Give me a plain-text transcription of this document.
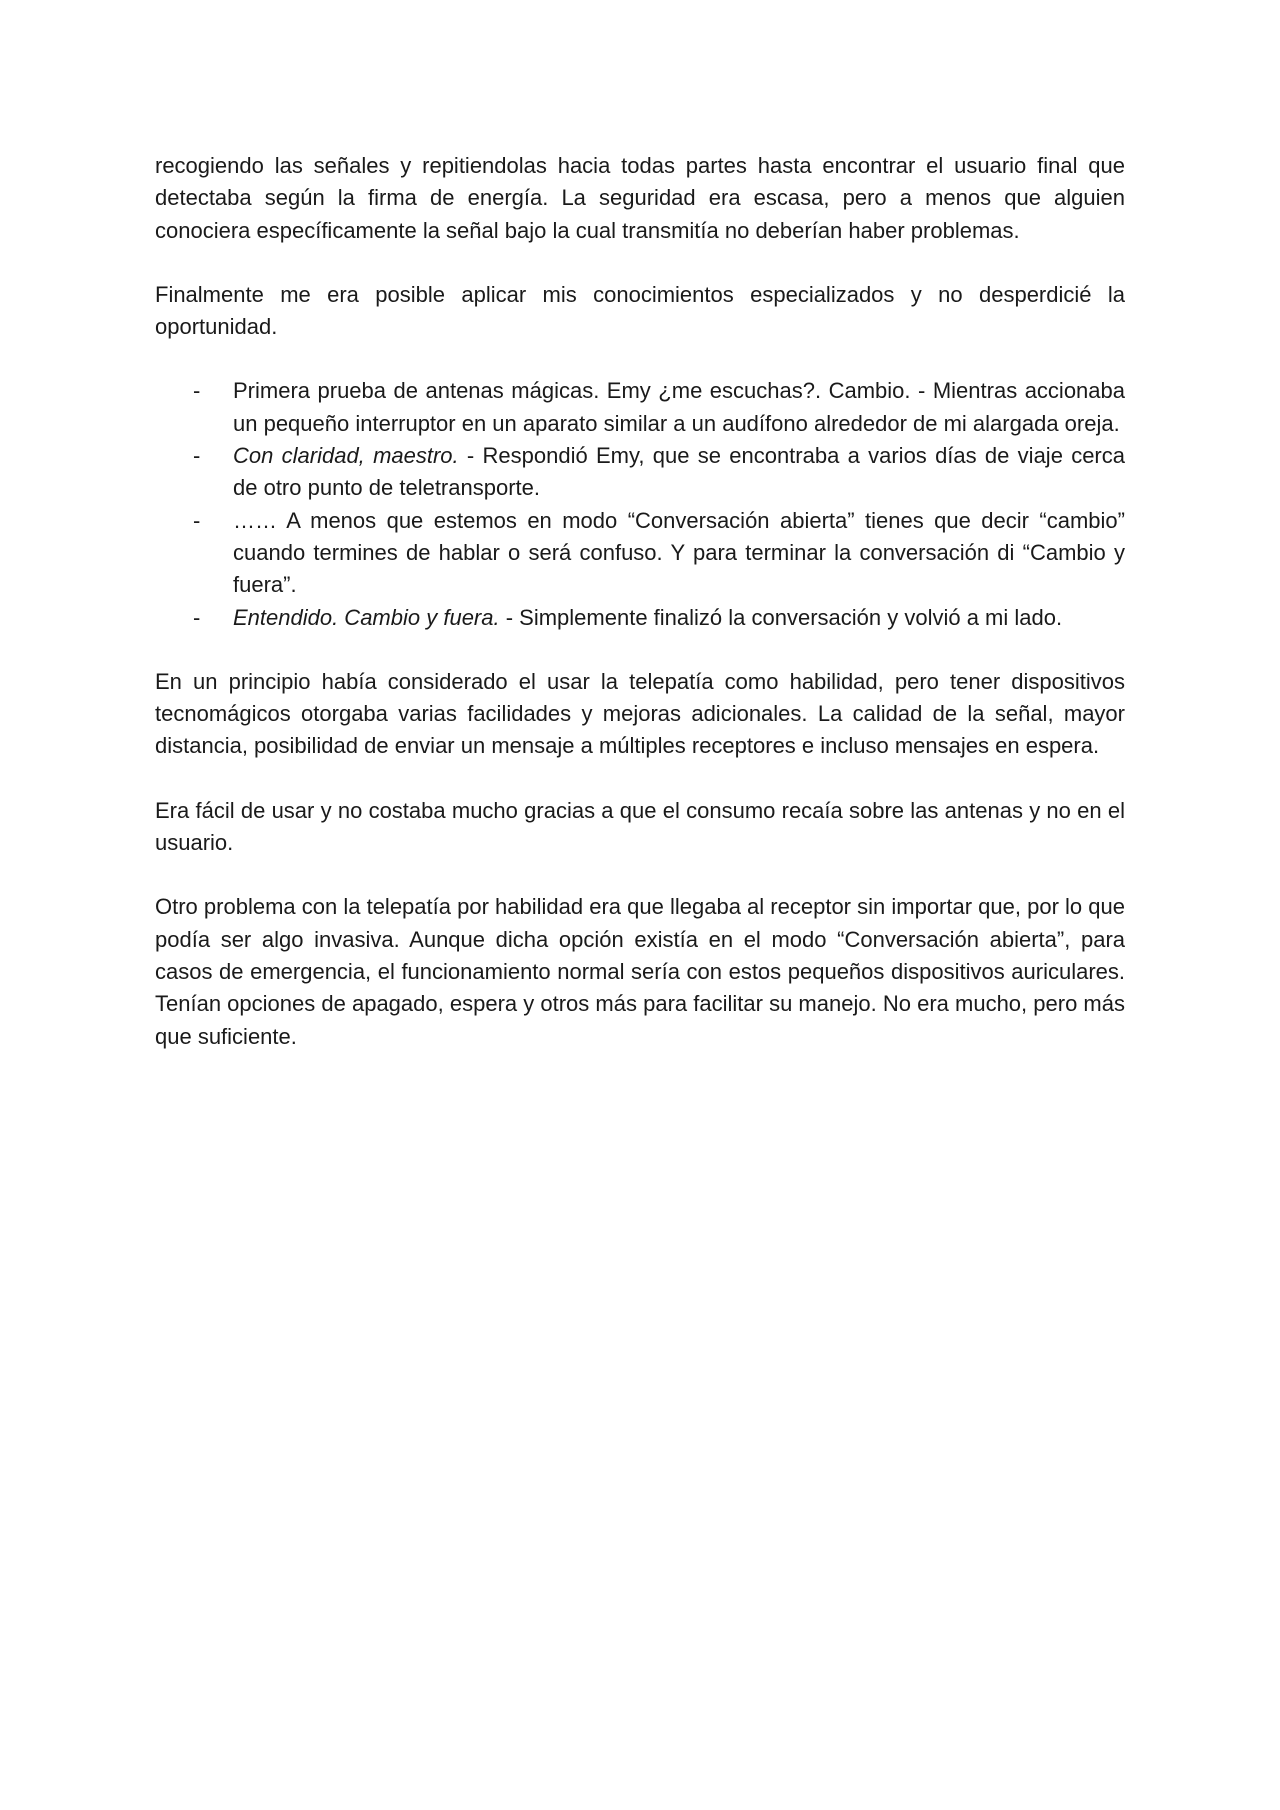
recogiendo las señales y repitiendolas hacia todas partes hasta encontrar el usuario final que detectaba según la firma de energía. La seguridad era escasa, pero a menos que alguien conociera específicamente la señal bajo la cual transmitía no deberían haber problemas.

Finalmente me era posible aplicar mis conocimientos especializados y no desperdicié la oportunidad.

- Primera prueba de antenas mágicas. Emy ¿me escuchas?. Cambio. - Mientras accionaba un pequeño interruptor en un aparato similar a un audífono alrededor de mi alargada oreja.
- Con claridad, maestro. - Respondió Emy, que se encontraba a varios días de viaje cerca de otro punto de teletransporte.
- …… A menos que estemos en modo “Conversación abierta” tienes que decir “cambio” cuando termines de hablar o será confuso. Y para terminar la conversación di “Cambio y fuera”.
- Entendido. Cambio y fuera. - Simplemente finalizó la conversación y volvió a mi lado.

En un principio había considerado el usar la telepatía como habilidad, pero tener dispositivos tecnomágicos otorgaba varias facilidades y mejoras adicionales. La calidad de la señal, mayor distancia, posibilidad de enviar un mensaje a múltiples receptores e incluso mensajes en espera.

Era fácil de usar y no costaba mucho gracias a que el consumo recaía sobre las antenas y no en el usuario.

Otro problema con la telepatía por habilidad era que llegaba al receptor sin importar que, por lo que podía ser algo invasiva. Aunque dicha opción existía en el modo “Conversación abierta”, para casos de emergencia, el funcionamiento normal sería con estos pequeños dispositivos auriculares. Tenían opciones de apagado, espera y otros más para facilitar su manejo. No era mucho, pero más que suficiente.
